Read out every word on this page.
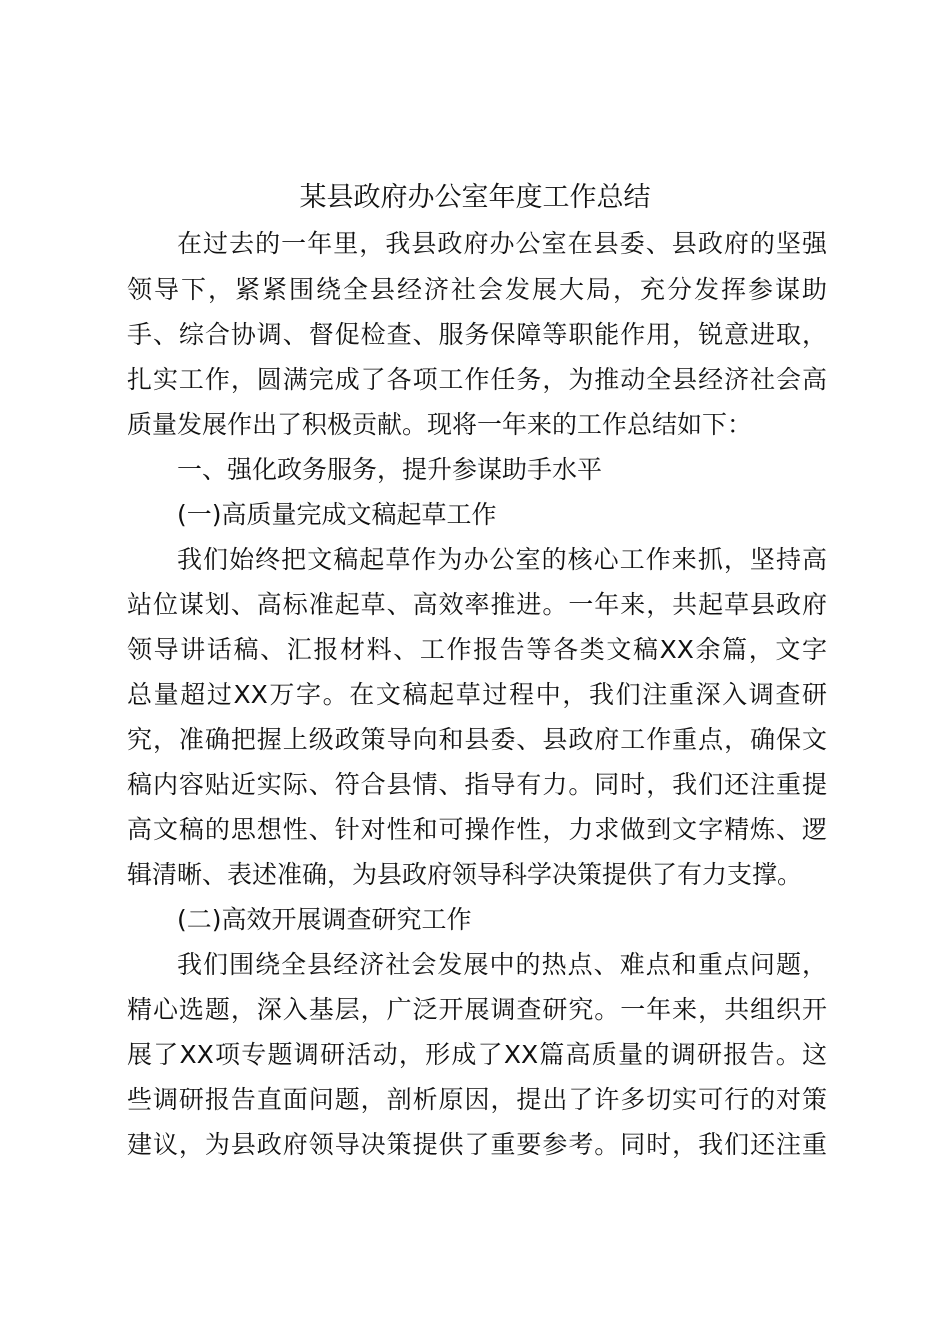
某县政府办公室年度工作总结
在过去的一年里，我县政府办公室在县委、县政府的坚强
领导下，紧紧围绕全县经济社会发展大局，充分发挥参谋助
手、综合协调、督促检查、服务保障等职能作用，锐意进取，
扎实工作，圆满完成了各项工作任务，为推动全县经济社会高
质量发展作出了积极贡献。现将一年来的工作总结如下：
一、强化政务服务，提升参谋助手水平
(一)高质量完成文稿起草工作
我们始终把文稿起草作为办公室的核心工作来抓，坚持高
站位谋划、高标准起草、高效率推进。一年来，共起草县政府
领导讲话稿、汇报材料、工作报告等各类文稿XX余篇，文字
总量超过XX万字。在文稿起草过程中，我们注重深入调查研
究，准确把握上级政策导向和县委、县政府工作重点，确保文
稿内容贴近实际、符合县情、指导有力。同时，我们还注重提
高文稿的思想性、针对性和可操作性，力求做到文字精炼、逻
辑清晰、表述准确，为县政府领导科学决策提供了有力支撑。
(二)高效开展调查研究工作
我们围绕全县经济社会发展中的热点、难点和重点问题，
精心选题，深入基层，广泛开展调查研究。一年来，共组织开
展了XX项专题调研活动，形成了XX篇高质量的调研报告。这
些调研报告直面问题，剖析原因，提出了许多切实可行的对策
建议，为县政府领导决策提供了重要参考。同时，我们还注重
